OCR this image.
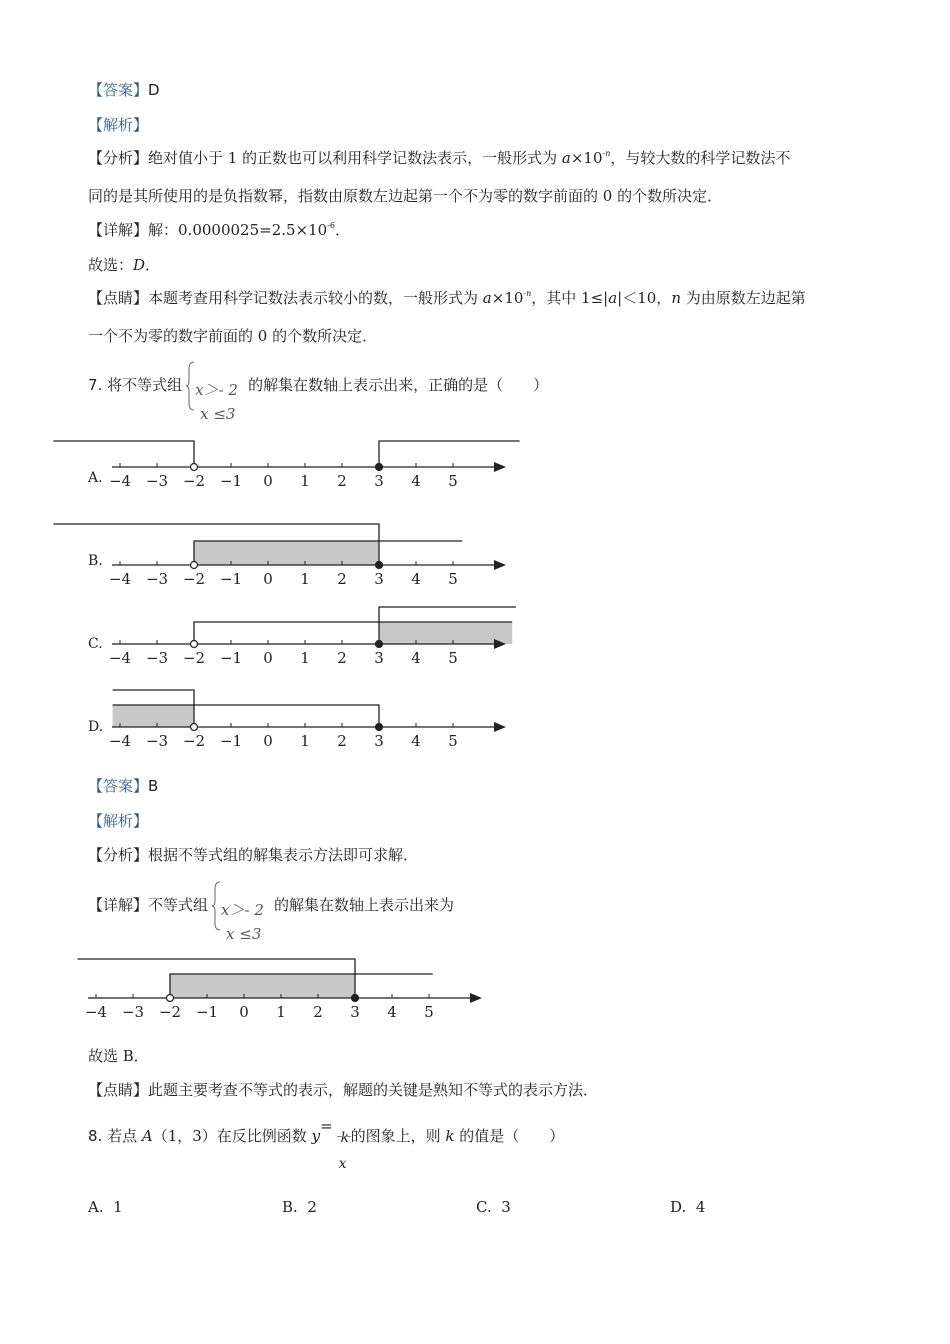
【答案】D
【解析】
【分析】绝对值小于 1 的正数也可以利用科学记数法表示，一般形式为 $a\times 10^{-n}$，与较大数的科学记数法不
同的是其所使用的是负指数幂，指数由原数左边起第一个不为零的数字前面的 0 的个数所决定．
【详解】解：$0.0000025=2.5\times 10^{-6}$．
故选：D．
【点睛】本题考查用科学记数法表示较小的数，一般形式为 $a\times 10^{-n}$，其中 1≤|a|＜10，n 为由原数左边起第
一个不为零的数字前面的 0 的个数所决定．
7. 将不等式组 x＞- 2
x ≤3
的解集在数轴上表示出来，正确的是（　　）
A. −4 −3 −2 −1 0 1 2 3 4 5
B.
−4 −3 −2 −1 0 1 2 3 4 5
C.
−4 −3 −2 −1 0 1 2 3 4 5
D.
−4 −3 −2 −1 0 1 2 3 4 5
【答案】B
【解析】
【分析】根据不等式组的解集表示方法即可求解．
【详解】不等式组 x＞- 2
x ≤3
的解集在数轴上表示出来为
−4 −3 −2 −1 0 1 2 3 4 5
故选 B．
【点睛】此题主要考查不等式的表示，解题的关键是熟知不等式的表示方法．
8. 若点 A（1，3）在反比例函数 y=
k
x
的图象上，则 k 的值是（　　）
A. 1	B. 2	C. 3	D. 4
